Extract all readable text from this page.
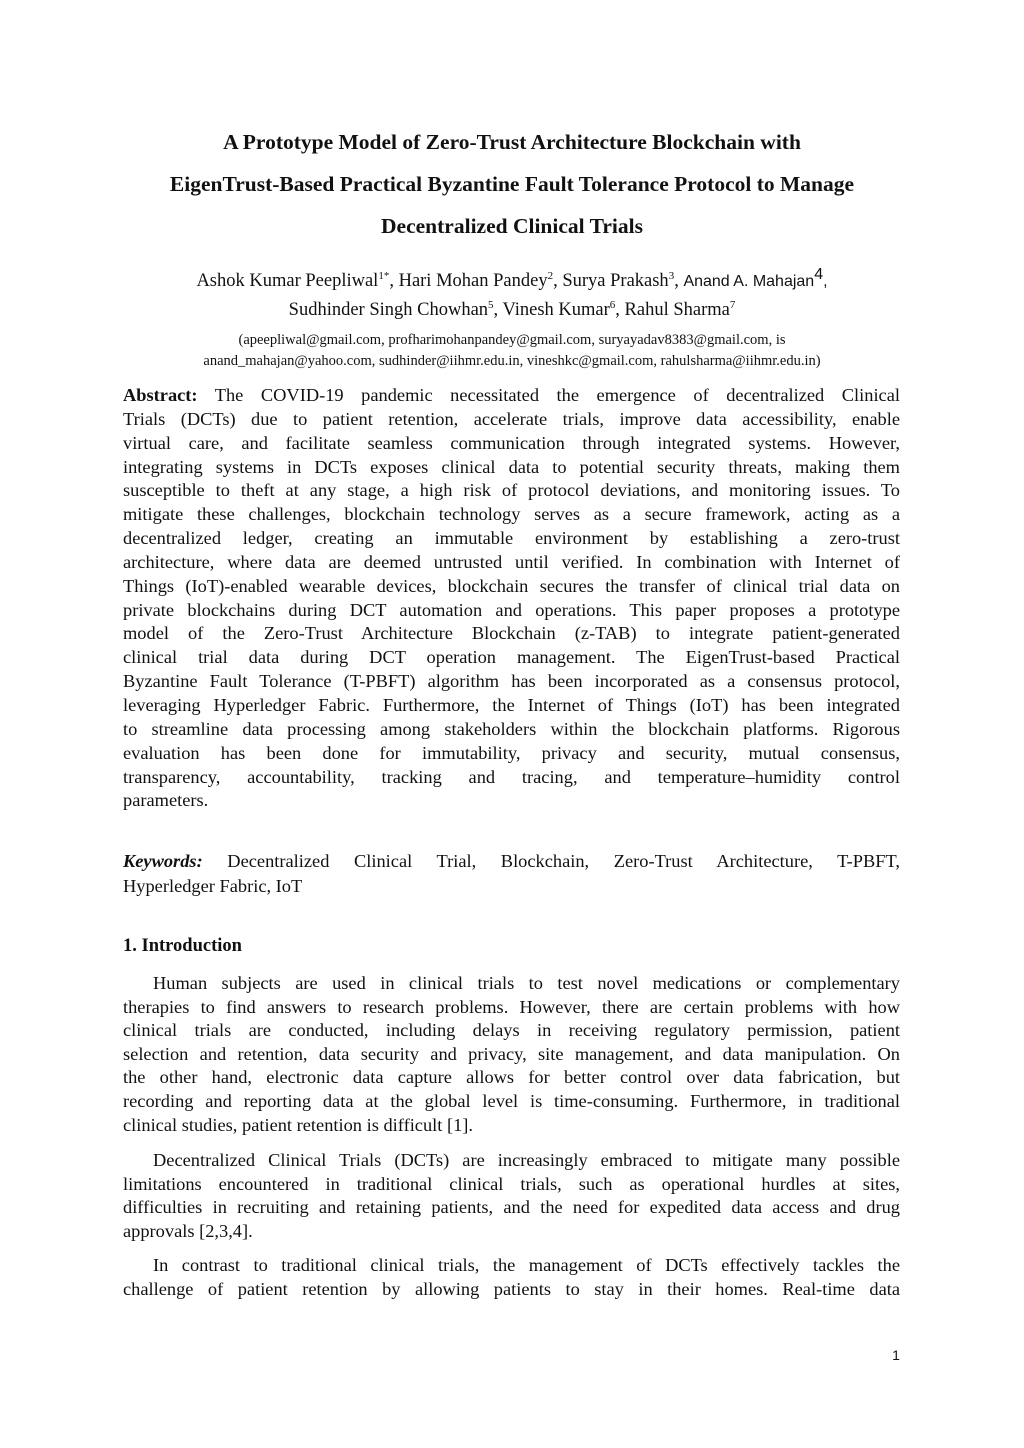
A Prototype Model of Zero-Trust Architecture Blockchain with
EigenTrust-Based Practical Byzantine Fault Tolerance Protocol to Manage
Decentralized Clinical Trials
Ashok Kumar Peepliwal$^{1*}$, Hari Mohan Pandey$^2$, Surya Prakash$^3$, Anand A. Mahajan$^4$,
Sudhinder Singh Chowhan$^5$, Vinesh Kumar$^6$, Rahul Sharma$^7$
(apeepliwal@gmail.com, profharimohanpandey@gmail.com, suryayadav8383@gmail.com, is
anand_mahajan@yahoo.com, sudhinder@iihmr.edu.in, vineshkc@gmail.com, rahulsharma@iihmr.edu.in)
Abstract: The COVID-19 pandemic necessitated the emergence of decentralized Clinical
Trials (DCTs) due to patient retention, accelerate trials, improve data accessibility, enable
virtual care, and facilitate seamless communication through integrated systems. However,
integrating systems in DCTs exposes clinical data to potential security threats, making them
susceptible to theft at any stage, a high risk of protocol deviations, and monitoring issues. To
mitigate these challenges, blockchain technology serves as a secure framework, acting as a
decentralized ledger, creating an immutable environment by establishing a zero-trust
architecture, where data are deemed untrusted until verified. In combination with Internet of
Things (IoT)-enabled wearable devices, blockchain secures the transfer of clinical trial data on
private blockchains during DCT automation and operations. This paper proposes a prototype
model of the Zero-Trust Architecture Blockchain (z-TAB) to integrate patient-generated
clinical trial data during DCT operation management. The EigenTrust-based Practical
Byzantine Fault Tolerance (T-PBFT) algorithm has been incorporated as a consensus protocol,
leveraging Hyperledger Fabric. Furthermore, the Internet of Things (IoT) has been integrated
to streamline data processing among stakeholders within the blockchain platforms. Rigorous
evaluation has been done for immutability, privacy and security, mutual consensus,
transparency, accountability, tracking and tracing, and temperature–humidity control
parameters.
Keywords: Decentralized Clinical Trial, Blockchain, Zero-Trust Architecture, T-PBFT,
Hyperledger Fabric, IoT
1. Introduction
Human subjects are used in clinical trials to test novel medications or complementary
therapies to find answers to research problems. However, there are certain problems with how
clinical trials are conducted, including delays in receiving regulatory permission, patient
selection and retention, data security and privacy, site management, and data manipulation. On
the other hand, electronic data capture allows for better control over data fabrication, but
recording and reporting data at the global level is time-consuming. Furthermore, in traditional
clinical studies, patient retention is difficult [1].
Decentralized Clinical Trials (DCTs) are increasingly embraced to mitigate many possible
limitations encountered in traditional clinical trials, such as operational hurdles at sites,
difficulties in recruiting and retaining patients, and the need for expedited data access and drug
approvals [2,3,4].
In contrast to traditional clinical trials, the management of DCTs effectively tackles the
challenge of patient retention by allowing patients to stay in their homes. Real-time data
1
